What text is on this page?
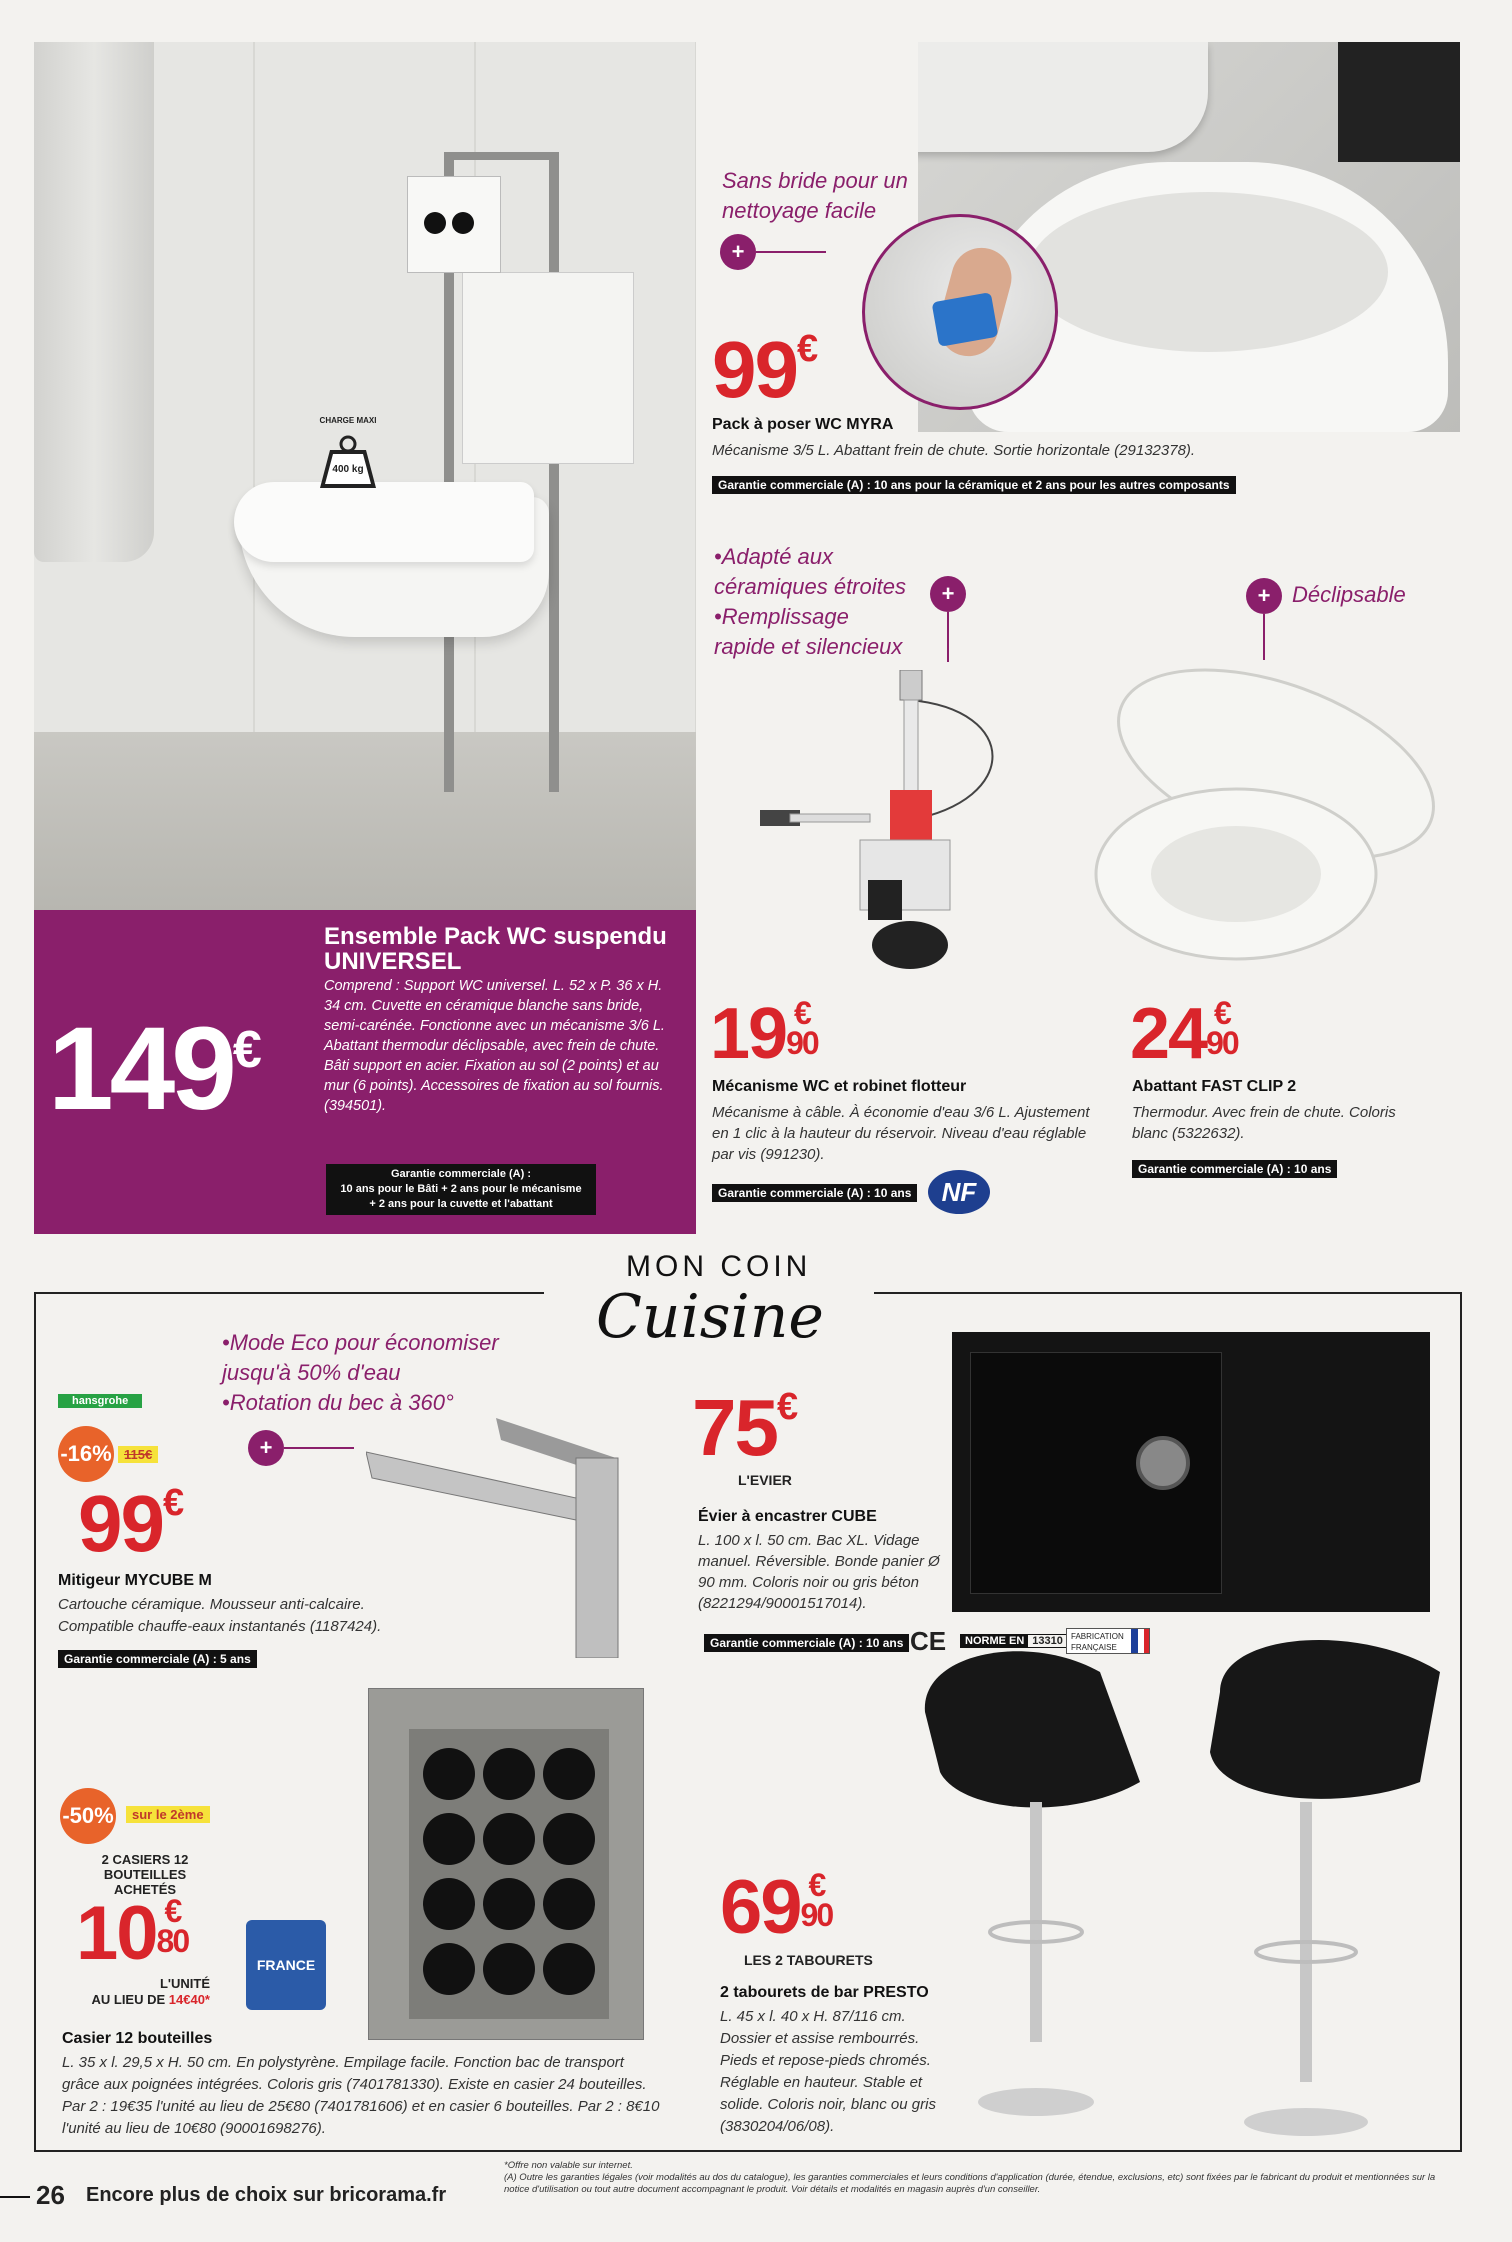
CHARGE MAXI
400 kg
149€
Ensemble Pack WC suspendu
UNIVERSEL
Comprend : Support WC universel. L. 52 x P. 36 x H. 34 cm. Cuvette en céramique blanche sans bride, semi-carénée. Fonctionne avec un mécanisme 3/6 L. Abattant thermodur déclipsable, avec frein de chute. Bâti support en acier. Fixation au sol (2 points) et au mur (6 points). Accessoires de fixation au sol fournis. (394501).
Garantie commerciale (A) :
10 ans pour le Bâti + 2 ans pour le mécanisme
+ 2 ans pour la cuvette et l'abattant
Sans bride pour un
nettoyage facile
+
99€
Pack à poser WC MYRA
Mécanisme 3/5 L. Abattant frein de chute. Sortie horizontale (29132378).
Garantie commerciale (A) : 10 ans pour la céramique et 2 ans pour les autres composants
•Adapté aux
céramiques étroites
•Remplissage
rapide et silencieux
+
19 €
90
Mécanisme WC et robinet flotteur
Mécanisme à câble. À économie d'eau 3/6 L. Ajustement en 1 clic à la hauteur du réservoir. Niveau d'eau réglable par vis (991230).
Garantie commerciale (A) : 10 ans	NF
+ Déclipsable
24 €
90
Abattant FAST CLIP 2
Thermodur. Avec frein de chute. Coloris blanc (5322632).
Garantie commerciale (A) : 10 ans
MON COIN
Cuisine
•Mode Eco pour économiser
jusqu'à 50% d'eau
•Rotation du bec à 360°
+
hansgrohe
-16% 115€
99€
Mitigeur MYCUBE M
Cartouche céramique. Mousseur anti-calcaire.
Compatible chauffe-eaux instantanés (1187424).
Garantie commerciale (A) : 5 ans
75€
L'EVIER
Évier à encastrer CUBE
L. 100 x l. 50 cm. Bac XL. Vidage manuel. Réversible. Bonde panier Ø 90 mm. Coloris noir ou gris béton (8221294/90001517014).
Garantie commerciale (A) : 10 ans CE	NORME EN 13310	FABRICATION
FRANÇAISE
-50%	sur le 2ème
2 CASIERS 12 BOUTEILLES
ACHETÉS
10 €
80
L'UNITÉ
AU LIEU DE 14€40*
FRANCE
Casier 12 bouteilles
L. 35 x l. 29,5 x H. 50 cm. En polystyrène. Empilage facile. Fonction bac de transport grâce aux poignées intégrées. Coloris gris (7401781330). Existe en casier 24 bouteilles. Par 2 : 19€35 l'unité au lieu de 25€80 (7401781606) et en casier 6 bouteilles. Par 2 : 8€10 l'unité au lieu de 10€80 (90001698276).
69 €
90
LES 2 TABOURETS
2 tabourets de bar PRESTO
L. 45 x l. 40 x H. 87/116 cm. Dossier et assise rembourrés. Pieds et repose-pieds chromés. Réglable en hauteur. Stable et solide. Coloris noir, blanc ou gris (3830204/06/08).
26 Encore plus de choix sur bricorama.fr
*Offre non valable sur internet.
(A) Outre les garanties légales (voir modalités au dos du catalogue), les garanties commerciales et leurs conditions d'application (durée, étendue, exclusions, etc) sont fixées par le fabricant du produit et mentionnées sur la notice d'utilisation ou tout autre document accompagnant le produit. Voir détails et modalités en magasin auprès d'un conseiller.
